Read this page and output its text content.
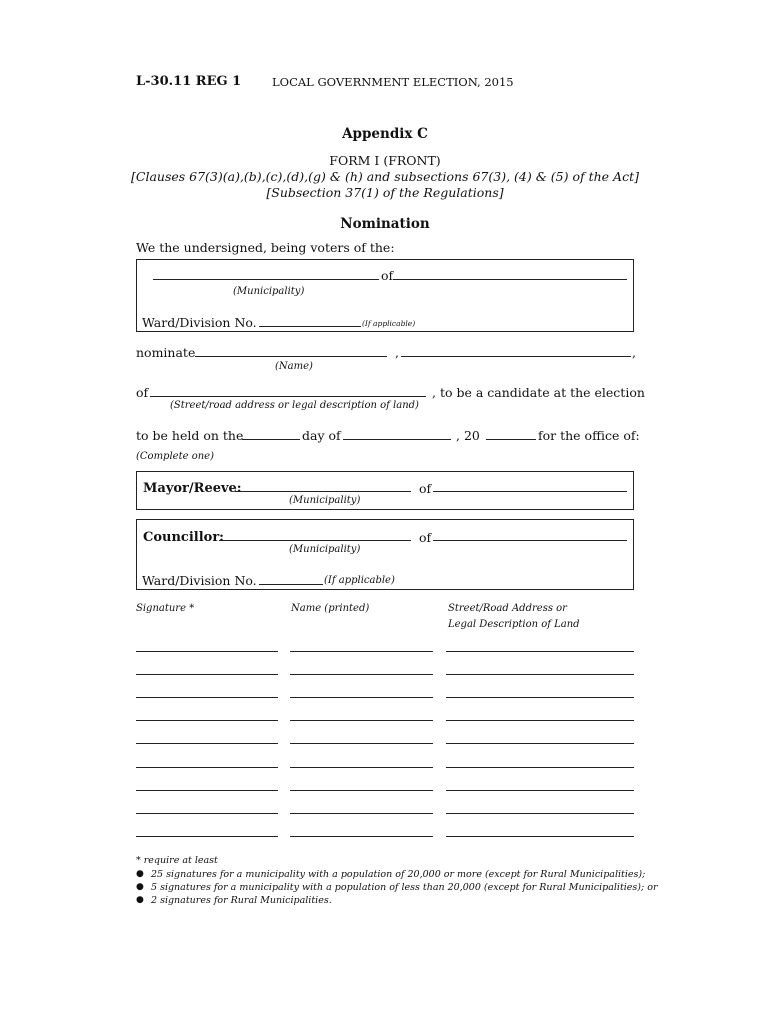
L-30.11 REG 1	LOCAL GOVERNMENT ELECTION, 2015
Appendix C
FORM I (FRONT)
[Clauses 67(3)(a),(b),(c),(d),(g) & (h) and subsections 67(3), (4) & (5) of the Act]
[Subsection 37(1) of the Regulations]
Nomination
We the undersigned, being voters of the:
of
(Municipality)
Ward/Division No.	(If applicable)
nominate	,	,
(Name)
of	, to be a candidate at the election
(Street/road address or legal description of land)
to be held on the	day of	, 20	for the office of:
(Complete one)
Mayor/Reeve:	of
(Municipality)
Councillor:	of
(Municipality)
Ward/Division No.	(If applicable)
Signature *	Name (printed)	Street/Road Address or
Legal Description of Land
* require at least
● 25 signatures for a municipality with a population of 20,000 or more (except for Rural Municipalities);
● 5 signatures for a municipality with a population of less than 20,000 (except for Rural Municipalities); or
● 2 signatures for Rural Municipalities.
